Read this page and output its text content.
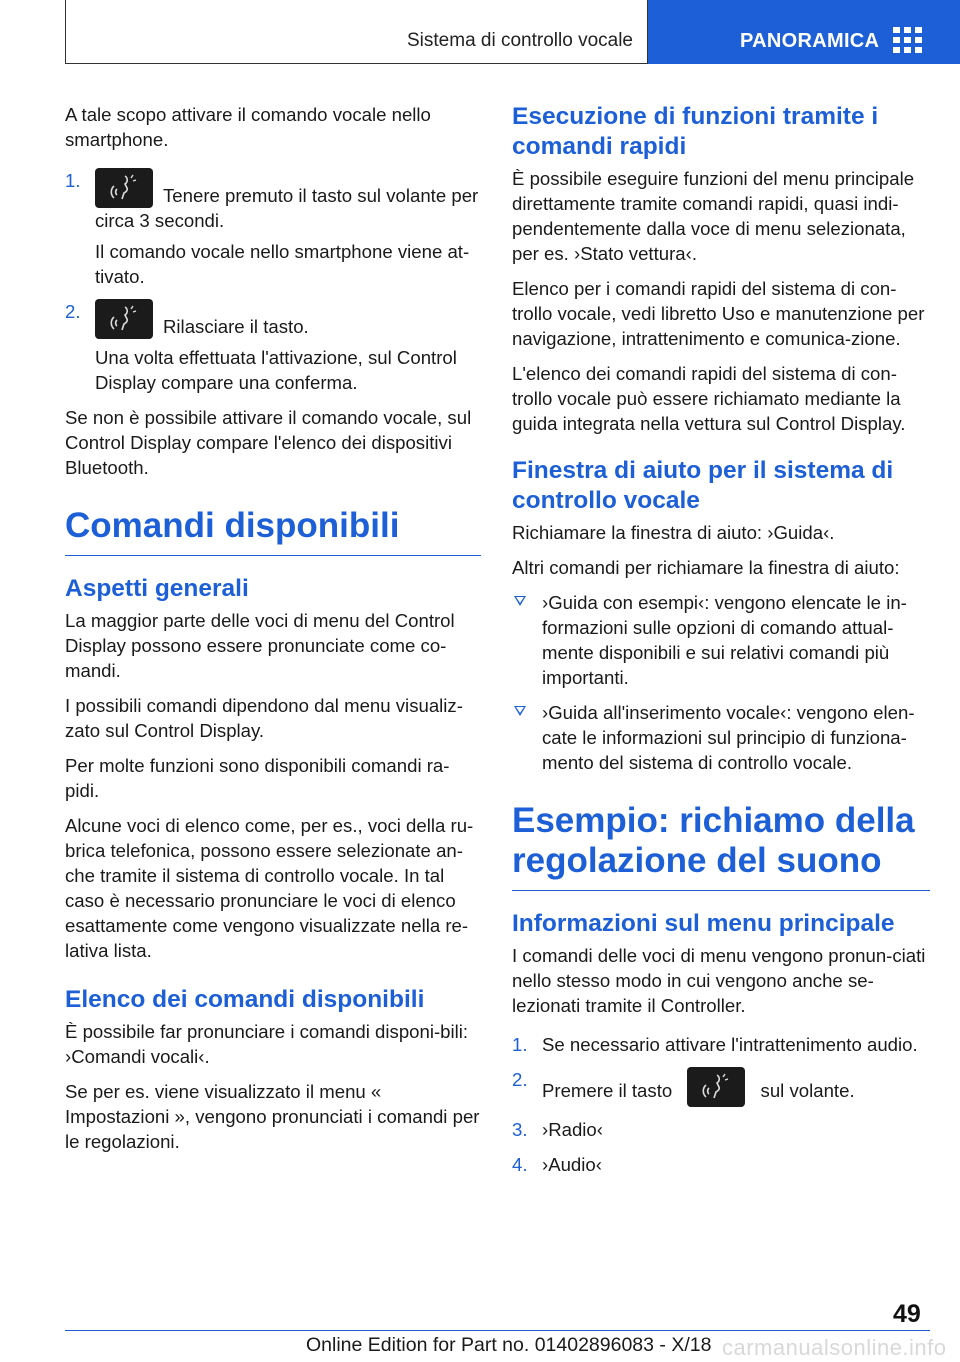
Sistema di controllo vocale	PANORAMICA

A tale scopo attivare il comando vocale nello smartphone.

1.

Tenere premuto il tasto sul volante per circa 3 secondi.

Il comando vocale nello smartphone viene at-tivato.

2.

Rilasciare il tasto.

Una volta effettuata l'attivazione, sul Control Display compare una conferma.

Se non è possibile attivare il comando vocale, sul Control Display compare l'elenco dei dispositivi Bluetooth.

Comandi disponibili
Aspetti generali

La maggior parte delle voci di menu del Control Display possono essere pronunciate come co-mandi.

I possibili comandi dipendono dal menu visualiz-zato sul Control Display.

Per molte funzioni sono disponibili comandi ra-pidi.

Alcune voci di elenco come, per es., voci della ru-brica telefonica, possono essere selezionate an-che tramite il sistema di controllo vocale. In tal caso è necessario pronunciare le voci di elenco esattamente come vengono visualizzate nella re-lativa lista.

Elenco dei comandi disponibili

È possibile far pronunciare i comandi disponi-bili: ›Comandi vocali‹.

Se per es. viene visualizzato il menu « Impostazioni », vengono pronunciati i comandi per le regolazioni.

Esecuzione di funzioni tramite i comandi rapidi

È possibile eseguire funzioni del menu principale direttamente tramite comandi rapidi, quasi indi-pendentemente dalla voce di menu selezionata, per es. ›Stato vettura‹.

Elenco per i comandi rapidi del sistema di con-trollo vocale, vedi libretto Uso e manutenzione per navigazione, intrattenimento e comunica-zione.

L'elenco dei comandi rapidi del sistema di con-trollo vocale può essere richiamato mediante la guida integrata nella vettura sul Control Display.

Finestra di aiuto per il sistema di controllo vocale

Richiamare la finestra di aiuto: ›Guida‹.

Altri comandi per richiamare la finestra di aiuto:

›Guida con esempi‹: vengono elencate le in-formazioni sulle opzioni di comando attual-mente disponibili e sui relativi comandi più importanti.

›Guida all'inserimento vocale‹: vengono elen-cate le informazioni sul principio di funziona-mento del sistema di controllo vocale.

Esempio: richiamo della regolazione del suono
Informazioni sul menu principale

I comandi delle voci di menu vengono pronun-ciati nello stesso modo in cui vengono anche se-lezionati tramite il Controller.

1. Se necessario attivare l'intrattenimento audio.

2.

Premere il tasto	sul volante.

3. ›Radio‹

4. ›Audio‹

49
Online Edition for Part no. 01402896083 - X/18 carmanualsonline.info
